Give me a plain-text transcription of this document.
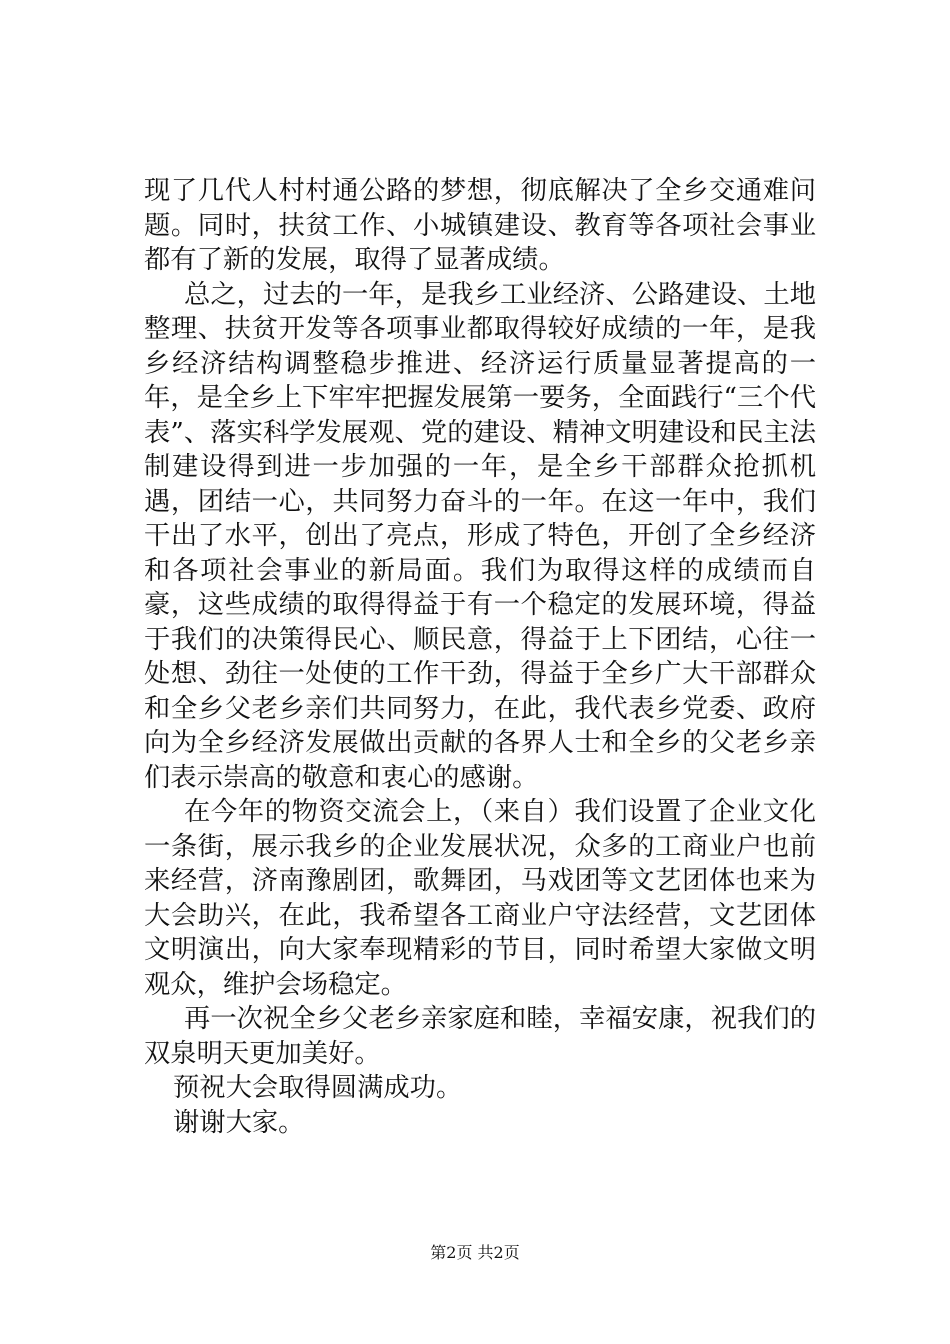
现了几代人村村通公路的梦想，彻底解决了全乡交通难问题。同时，扶贫工作、小城镇建设、教育等各项社会事业都有了新的发展，取得了显著成绩。

总之，过去的一年，是我乡工业经济、公路建设、土地整理、扶贫开发等各项事业都取得较好成绩的一年，是我乡经济结构调整稳步推进、经济运行质量显著提高的一年，是全乡上下牢牢把握发展第一要务，全面践行“三个代表”、落实科学发展观、党的建设、精神文明建设和民主法制建设得到进一步加强的一年，是全乡干部群众抢抓机遇，团结一心，共同努力奋斗的一年。在这一年中，我们干出了水平，创出了亮点，形成了特色，开创了全乡经济和各项社会事业的新局面。我们为取得这样的成绩而自豪，这些成绩的取得得益于有一个稳定的发展环境，得益于我们的决策得民心、顺民意，得益于上下团结，心往一处想、劲往一处使的工作干劲，得益于全乡广大干部群众和全乡父老乡亲们共同努力，在此，我代表乡党委、政府向为全乡经济发展做出贡献的各界人士和全乡的父老乡亲们表示崇高的敬意和衷心的感谢。

在今年的物资交流会上，（来自）我们设置了企业文化一条街，展示我乡的企业发展状况，众多的工商业户也前来经营，济南豫剧团，歌舞团，马戏团等文艺团体也来为大会助兴，在此，我希望各工商业户守法经营，文艺团体文明演出，向大家奉现精彩的节目，同时希望大家做文明观众，维护会场稳定。

再一次祝全乡父老乡亲家庭和睦，幸福安康，祝我们的双泉明天更加美好。

预祝大会取得圆满成功。

谢谢大家。

第2页 共2页
